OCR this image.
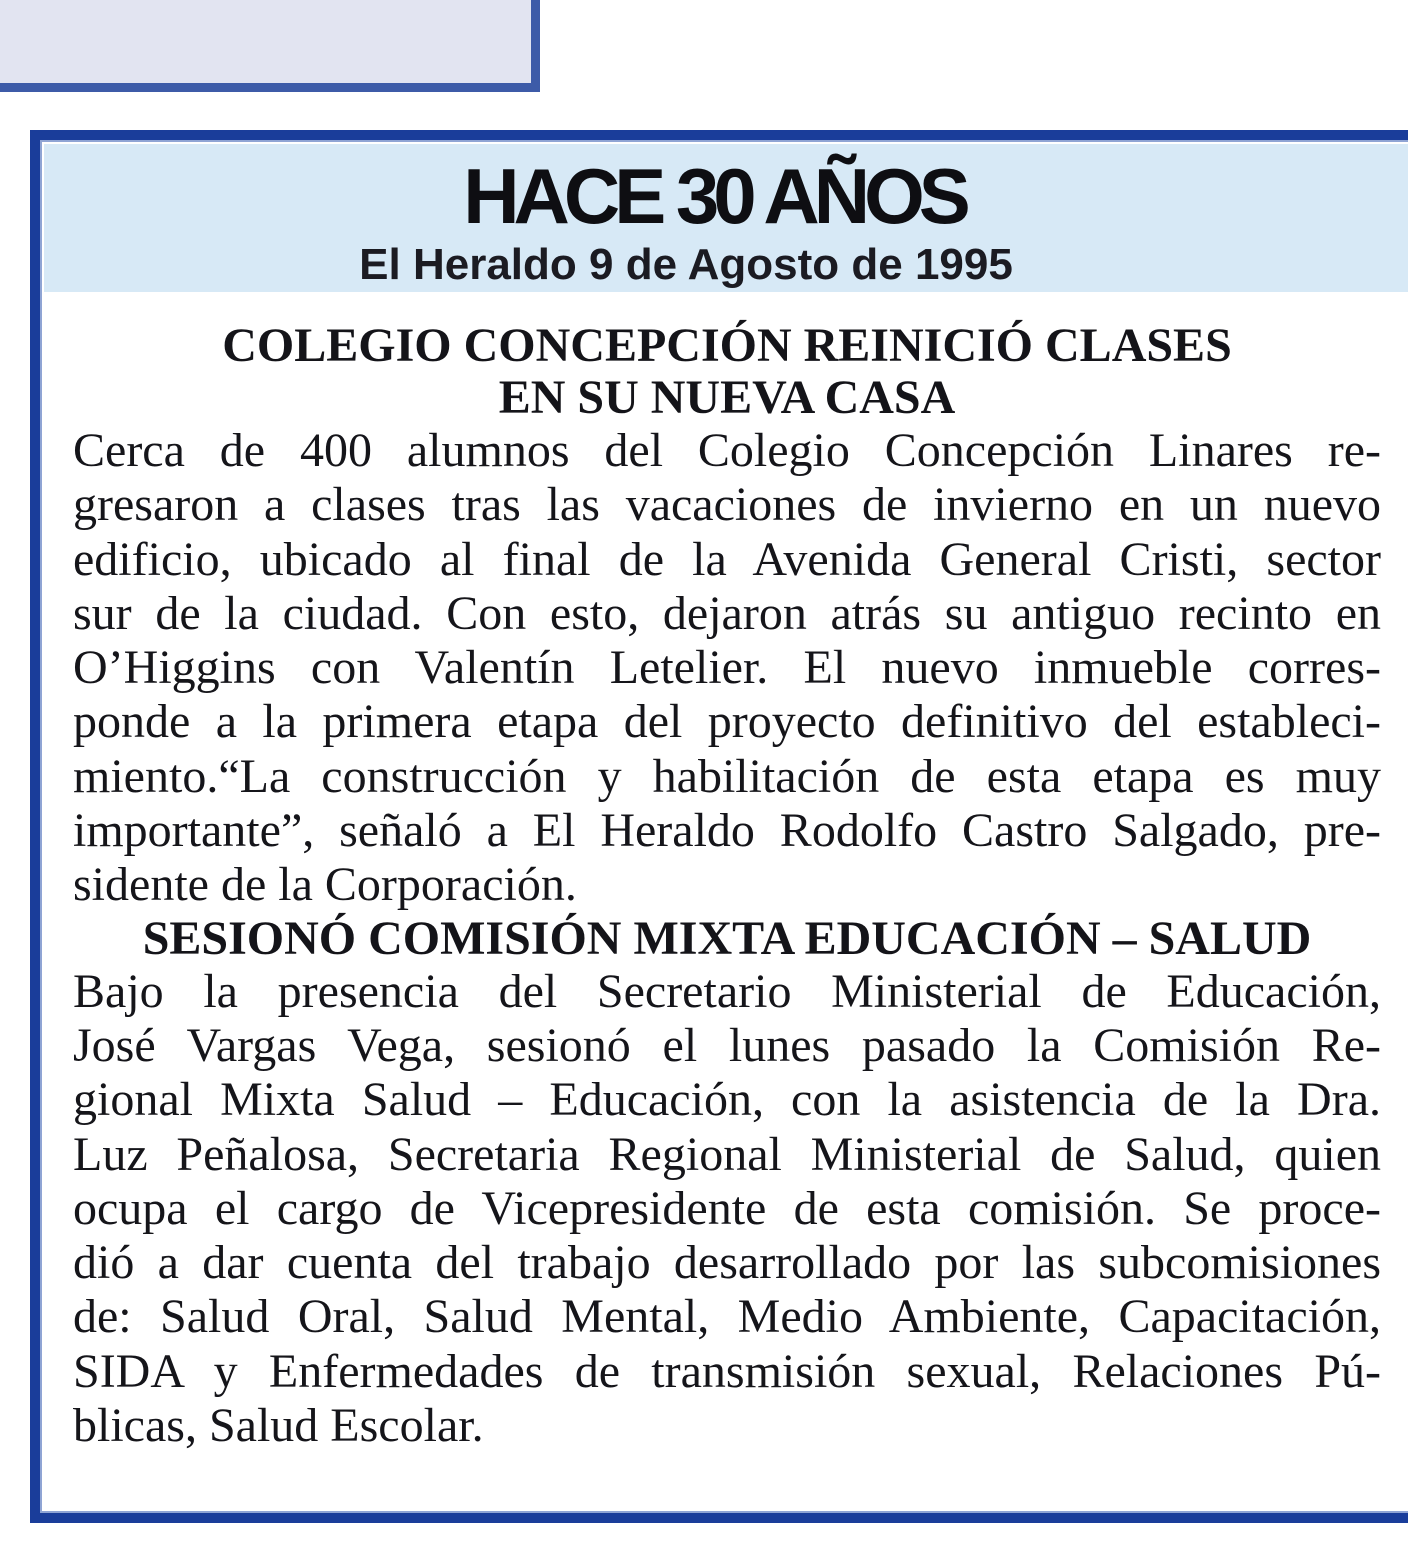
HACE 30 AÑOS
El Heraldo 9 de Agosto de 1995
COLEGIO CONCEPCIÓN REINICIÓ CLASES
EN SU NUEVA CASA

Cerca de 400 alumnos del Colegio Concepción Linares re-

gresaron a clases tras las vacaciones de invierno en un nuevo

edificio, ubicado al final de la Avenida General Cristi, sector

sur de la ciudad. Con esto, dejaron atrás su antiguo recinto en

O’Higgins con Valentín Letelier. El nuevo inmueble corres-

ponde a la primera etapa del proyecto definitivo del estableci-

miento.“La construcción y habilitación de esta etapa es muy

importante”, señaló a El Heraldo Rodolfo Castro Salgado, pre-

sidente de la Corporación.

SESIONÓ COMISIÓN MIXTA EDUCACIÓN – SALUD

Bajo la presencia del Secretario Ministerial de Educación,

José Vargas Vega, sesionó el lunes pasado la Comisión Re-

gional Mixta Salud – Educación, con la asistencia de la Dra.

Luz Peñalosa, Secretaria Regional Ministerial de Salud, quien

ocupa el cargo de Vicepresidente de esta comisión. Se proce-

dió a dar cuenta del trabajo desarrollado por las subcomisiones

de: Salud Oral, Salud Mental, Medio Ambiente, Capacitación,

SIDA y Enfermedades de transmisión sexual, Relaciones Pú-

blicas, Salud Escolar.
